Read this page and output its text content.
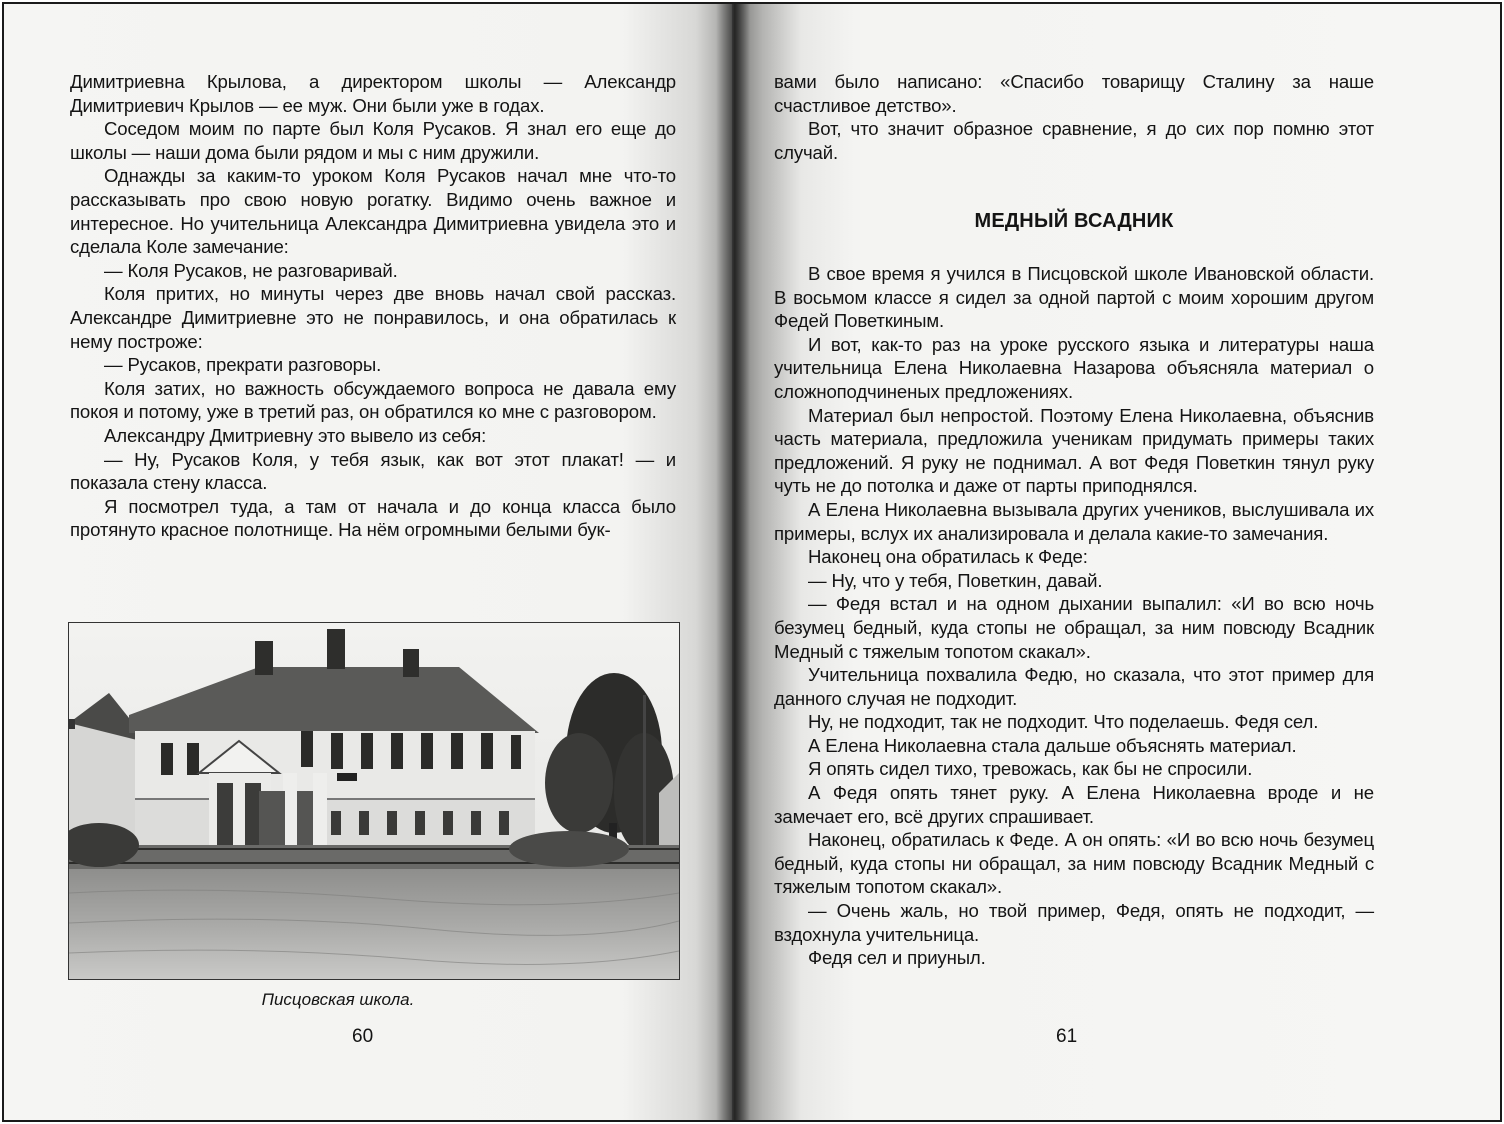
Димитриевна Крылова, а директором школы — Александр Димитриевич Крылов — ее муж. Они были уже в годах.

Соседом моим по парте был Коля Русаков. Я знал его еще до школы — наши дома были рядом и мы с ним дружили.

Однажды за каким-то уроком Коля Русаков начал мне что-то рассказывать про свою новую рогатку. Видимо очень важное и интересное. Но учительница Александра Димитриевна увидела это и сделала Коле замечание:

— Коля Русаков, не разговаривай.

Коля притих, но минуты через две вновь начал свой рассказ. Александре Димитриевне это не понравилось, и она обратилась к нему построже:

— Русаков, прекрати разговоры.

Коля затих, но важность обсуждаемого вопроса не давала ему покоя и потому, уже в третий раз, он обратился ко мне с разговором.

Александру Дмитриевну это вывело из себя:

— Ну, Русаков Коля, у тебя язык, как вот этот плакат! — и показала стену класса.

Я посмотрел туда, а там от начала и до конца класса было протянуто красное полотнище. На нём огромными белыми бук-

Писцовская школа.
60

вами было написано: «Спасибо товарищу Сталину за наше счастливое детство».

Вот, что значит образное сравнение, я до сих пор помню этот случай.

МЕДНЫЙ ВСАДНИК

В свое время я учился в Писцовской школе Ивановской области. В восьмом классе я сидел за одной партой с моим хорошим другом Федей Поветкиным.

И вот, как-то раз на уроке русского языка и литературы наша учительница Елена Николаевна Назарова объясняла материал о сложноподчиненых предложениях.

Материал был непростой. Поэтому Елена Николаевна, объяснив часть материала, предложила ученикам придумать примеры таких предложений. Я руку не поднимал. А вот Федя Поветкин тянул руку чуть не до потолка и даже от парты приподнялся.

А Елена Николаевна вызывала других учеников, выслушивала их примеры, вслух их анализировала и делала какие-то замечания.

Наконец она обратилась к Феде:

— Ну, что у тебя, Поветкин, давай.

— Федя встал и на одном дыхании выпалил: «И во всю ночь безумец бедный, куда стопы не обращал, за ним повсюду Всадник Медный с тяжелым топотом скакал».

Учительница похвалила Федю, но сказала, что этот пример для данного случая не подходит.

Ну, не подходит, так не подходит. Что поделаешь. Федя сел.

А Елена Николаевна стала дальше объяснять материал.

Я опять сидел тихо, тревожась, как бы не спросили.

А Федя опять тянет руку. А Елена Николаевна вроде и не замечает его, всё других спрашивает.

Наконец, обратилась к Феде. А он опять: «И во всю ночь безумец бедный, куда стопы ни обращал, за ним повсюду Всадник Медный с тяжелым топотом скакал».

— Очень жаль, но твой пример, Федя, опять не подходит, — вздохнула учительница.

Федя сел и приуныл.

61
